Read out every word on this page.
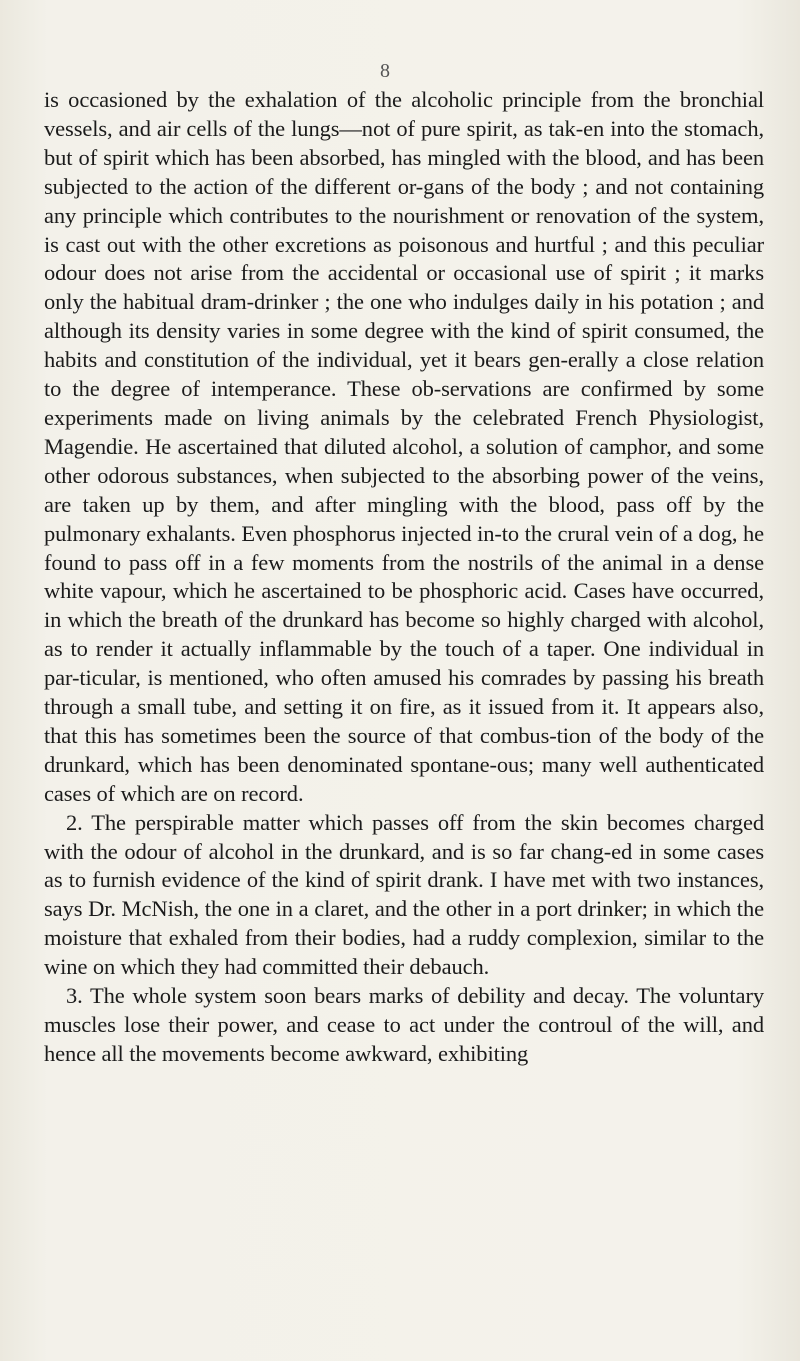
8

is occasioned by the exhalation of the alcoholic principle from the bronchial vessels, and air cells of the lungs—not of pure spirit, as tak-en into the stomach, but of spirit which has been absorbed, has mingled with the blood, and has been subjected to the action of the different or-gans of the body ; and not containing any principle which contributes to the nourishment or renovation of the system, is cast out with the other excretions as poisonous and hurtful ; and this peculiar odour does not arise from the accidental or occasional use of spirit ; it marks only the habitual dram-drinker ; the one who indulges daily in his potation ; and although its density varies in some degree with the kind of spirit consumed, the habits and constitution of the individual, yet it bears gen-erally a close relation to the degree of intemperance. These ob-servations are confirmed by some experiments made on living animals by the celebrated French Physiologist, Magendie. He ascertained that diluted alcohol, a solution of camphor, and some other odorous substances, when subjected to the absorbing power of the veins, are taken up by them, and after mingling with the blood, pass off by the pulmonary exhalants. Even phosphorus injected in-to the crural vein of a dog, he found to pass off in a few moments from the nostrils of the animal in a dense white vapour, which he ascertained to be phosphoric acid. Cases have occurred, in which the breath of the drunkard has become so highly charged with alcohol, as to render it actually inflammable by the touch of a taper. One individual in par-ticular, is mentioned, who often amused his comrades by passing his breath through a small tube, and setting it on fire, as it issued from it. It appears also, that this has sometimes been the source of that combus-tion of the body of the drunkard, which has been denominated spontane-ous; many well authenticated cases of which are on record.

2. The perspirable matter which passes off from the skin becomes charged with the odour of alcohol in the drunkard, and is so far chang-ed in some cases as to furnish evidence of the kind of spirit drank. I have met with two instances, says Dr. McNish, the one in a claret, and the other in a port drinker; in which the moisture that exhaled from their bodies, had a ruddy complexion, similar to the wine on which they had committed their debauch.

3. The whole system soon bears marks of debility and decay. The voluntary muscles lose their power, and cease to act under the controul of the will, and hence all the movements become awkward, exhibiting
